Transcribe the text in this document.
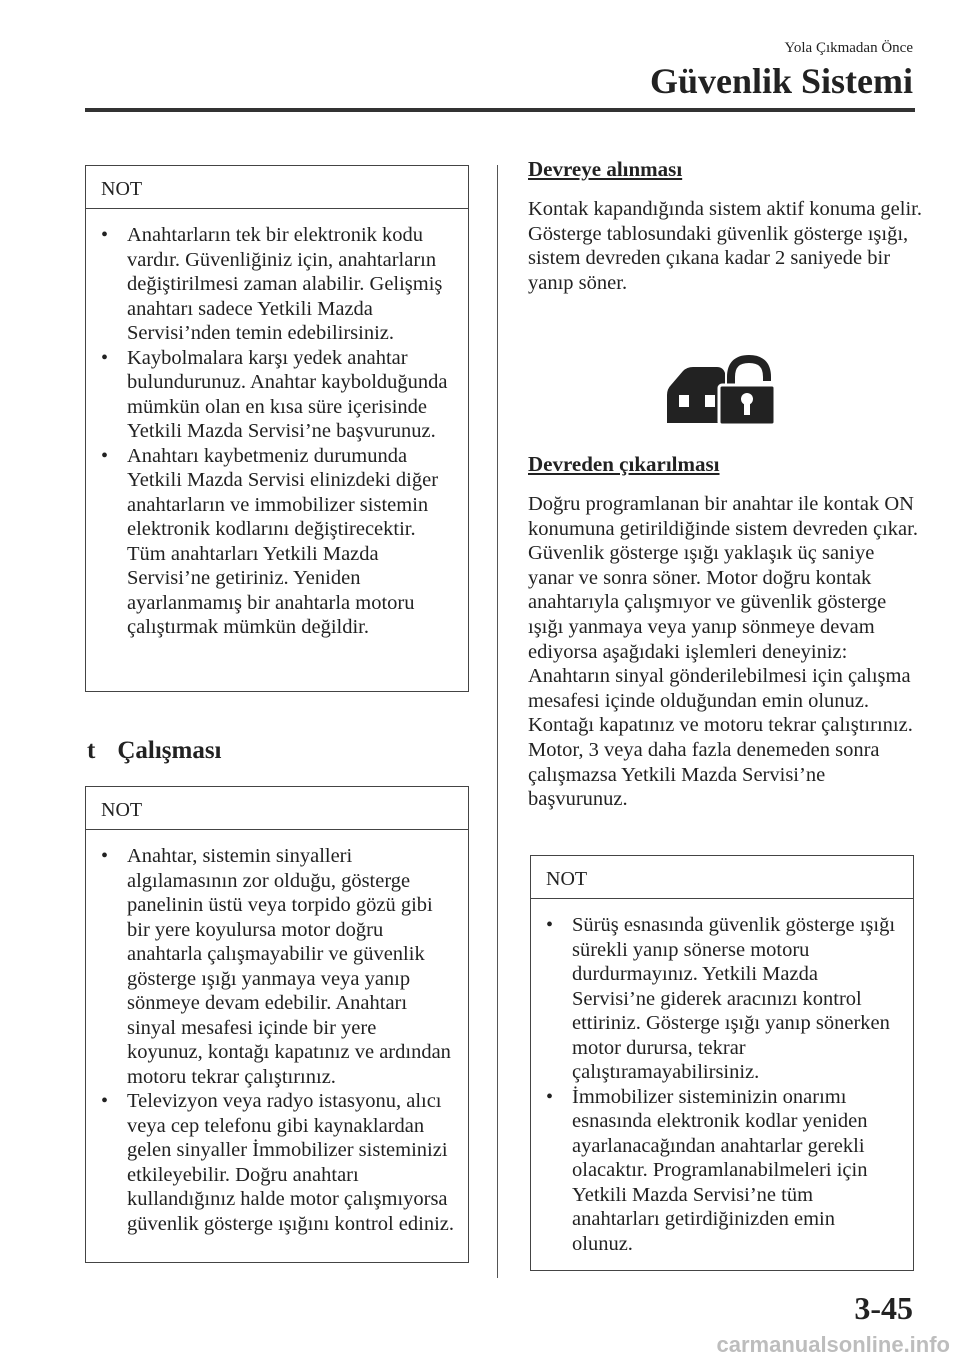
Yola Çıkmadan Önce
Güvenlik Sistemi
NOT
• Anahtarların tek bir elektronik kodu vardır. Güvenliğiniz için, anahtarların değiştirilmesi zaman alabilir. Gelişmiş anahtarı sadece Yetkili Mazda Servisi’nden temin edebilirsiniz.
• Kaybolmalara karşı yedek anahtar bulundurunuz. Anahtar kaybolduğunda mümkün olan en kısa süre içerisinde Yetkili Mazda Servisi’ne başvurunuz.
• Anahtarı kaybetmeniz durumunda Yetkili Mazda Servisi elinizdeki diğer anahtarların ve immobilizer sistemin elektronik kodlarını değiştirecektir. Tüm anahtarları Yetkili Mazda Servisi’ne getiriniz. Yeniden ayarlanmamış bir anahtarla motoru çalıştırmak mümkün değildir.
t Çalışması
NOT
• Anahtar, sistemin sinyalleri algılamasının zor olduğu, gösterge panelinin üstü veya torpido gözü gibi bir yere koyulursa motor doğru anahtarla çalışmayabilir ve güvenlik gösterge ışığı yanmaya veya yanıp sönmeye devam edebilir. Anahtarı sinyal mesafesi içinde bir yere koyunuz, kontağı kapatınız ve ardından motoru tekrar çalıştırınız.
• Televizyon veya radyo istasyonu, alıcı veya cep telefonu gibi kaynaklardan gelen sinyaller İmmobilizer sisteminizi etkileyebilir. Doğru anahtarı kullandığınız halde motor çalışmıyorsa güvenlik gösterge ışığını kontrol ediniz.
Devreye alınması
Kontak kapandığında sistem aktif konuma gelir. Gösterge tablosundaki güvenlik gösterge ışığı, sistem devreden çıkana kadar 2 saniyede bir yanıp söner.
Devreden çıkarılması
Doğru programlanan bir anahtar ile kontak ON konumuna getirildiğinde sistem devreden çıkar. Güvenlik gösterge ışığı yaklaşık üç saniye yanar ve sonra söner. Motor doğru kontak anahtarıyla çalışmıyor ve güvenlik gösterge ışığı yanmaya veya yanıp sönmeye devam ediyorsa aşağıdaki işlemleri deneyiniz: Anahtarın sinyal gönderilebilmesi için çalışma mesafesi içinde olduğundan emin olunuz. Kontağı kapatınız ve motoru tekrar çalıştırınız. Motor, 3 veya daha fazla denemeden sonra çalışmazsa Yetkili Mazda Servisi’ne başvurunuz.
NOT
• Sürüş esnasında güvenlik gösterge ışığı sürekli yanıp sönerse motoru durdurmayınız. Yetkili Mazda Servisi’ne giderek aracınızı kontrol ettiriniz. Gösterge ışığı yanıp sönerken motor durursa, tekrar çalıştıramayabilirsiniz.
• İmmobilizer sisteminizin onarımı esnasında elektronik kodlar yeniden ayarlanacağından anahtarlar gerekli olacaktır. Programlanabilmeleri için Yetkili Mazda Servisi’ne tüm anahtarları getirdiğinizden emin olunuz.
3-45
carmanualsonline.info
